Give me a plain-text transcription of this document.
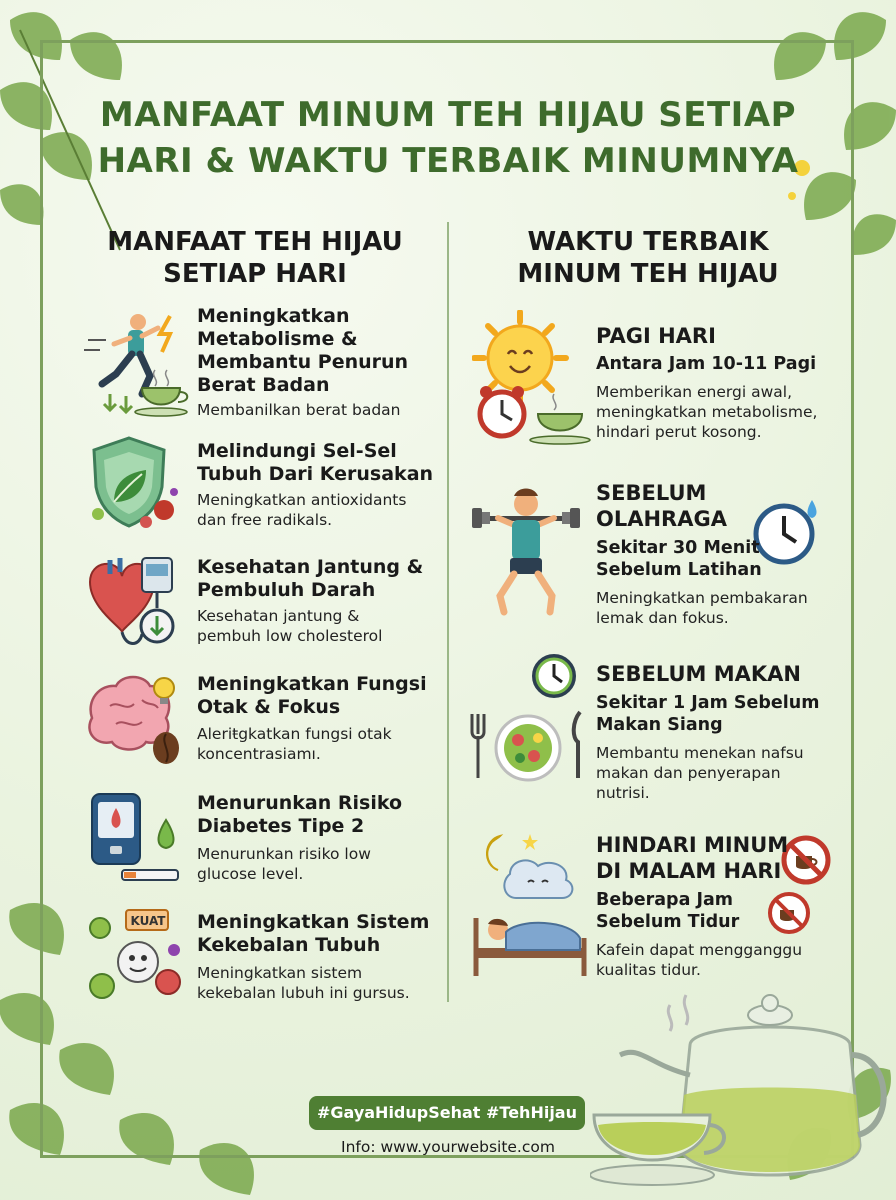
MANFAAT MINUM TEH HIJAU SETIAP
HARI & WAKTU TERBAIK MINUMNYA
MANFAAT TEH HIJAU
SETIAP HARI
WAKTU TERBAIK
MINUM TEH HIJAU
Meningkatkan
Metabolisme &
Membantu Penurun
Berat Badan
Membanilkan berat badan
Melindungi Sel-Sel
Tubuh Dari Kerusakan
Meningkatkan antioxidants
dan free radikals.
Kesehatan Jantung &
Pembuluh Darah
Kesehatan jantung &
pembuh low cholesterol
Meningkatkan Fungsi
Otak & Fokus
Aleriŧgkatkan fungsi otak
koncentrasiamı.
Menurunkan Risiko
Diabetes Tipe 2
Menurunkan risiko low
glucose level.
KUAT Meningkatkan Sistem
Kekebalan Tubuh
Meningkatkan sistem
kekebalan lubuh ini gursus.
PAGI HARI
Antara Jam 10-11 Pagi
Memberikan energi awal,
meningkatkan metabolisme,
hindari perut kosong.
SEBELUM
OLAHRAGA
Sekitar 30 Menit
Sebelum Latihan
Meningkatkan pembakaran
lemak dan fokus.
SEBELUM MAKAN
Sekitar 1 Jam Sebelum
Makan Siang
Membantu menekan nafsu
makan dan penyerapan
nutrisi.
HINDARI MINUM
DI MALAM HARI
Beberapa Jam
Sebelum Tidur
Kafein dapat mengganggu
kualitas tidur.
#GayaHidupSehat #TehHijau
Info: www.yourwebsite.com
